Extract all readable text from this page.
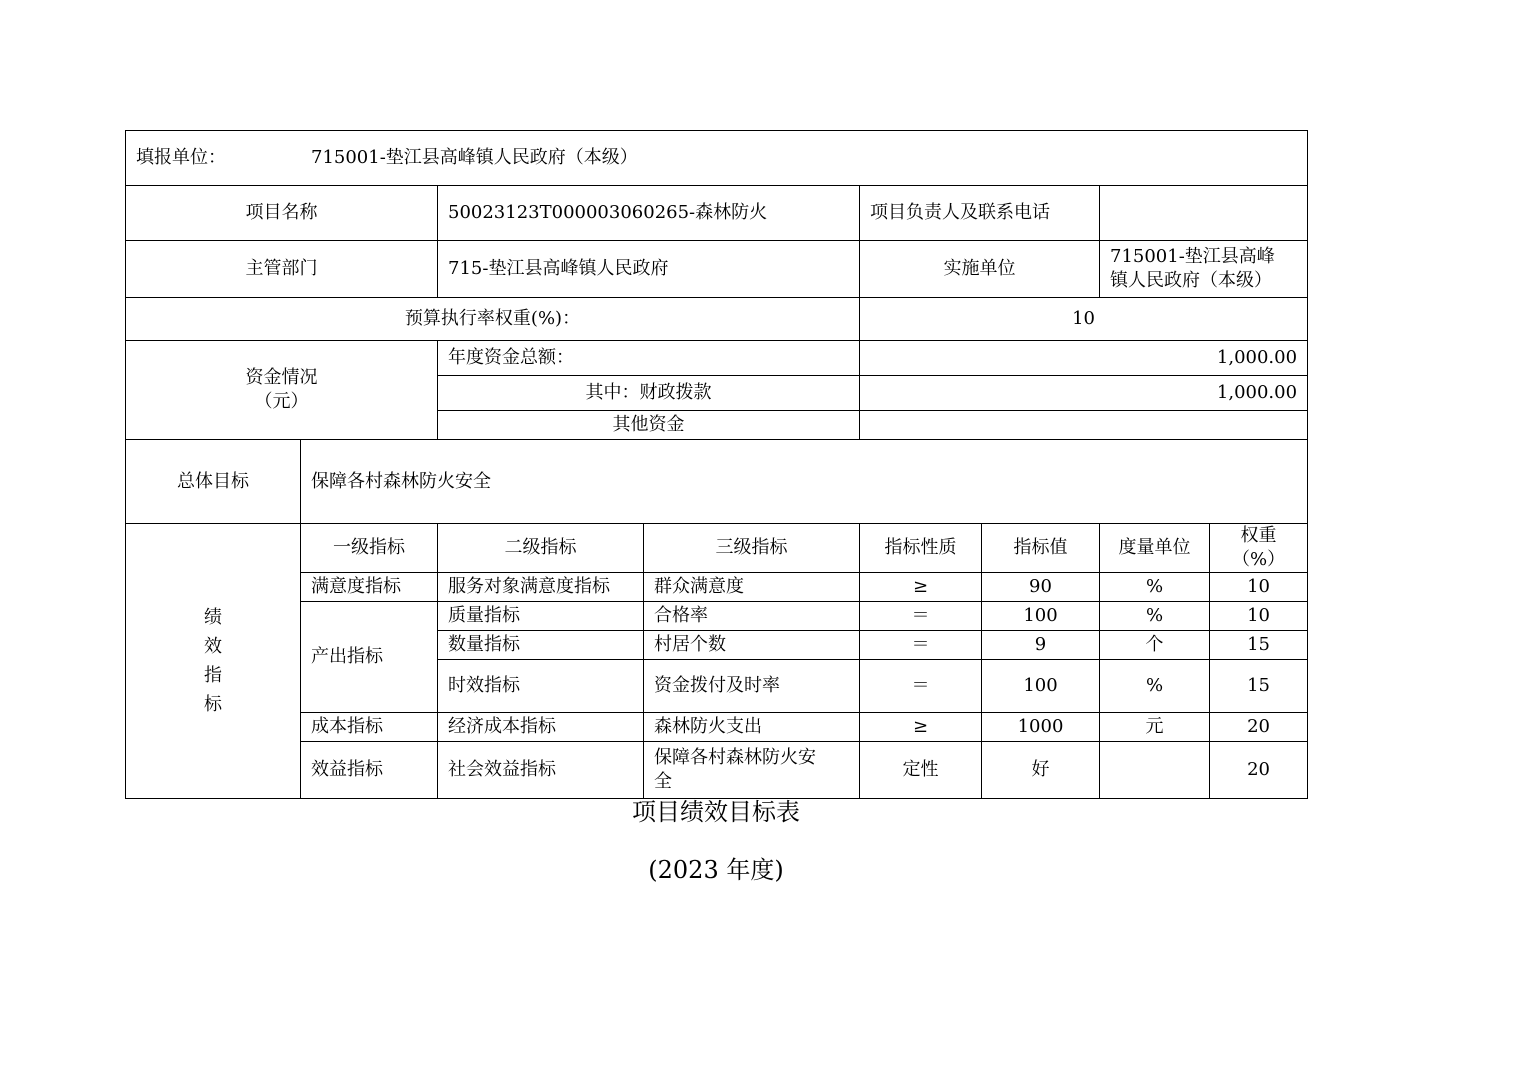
填报单位： 715001-垫江县高峰镇人民政府（本级）							
项目名称		50023123T000003060265-森林防火		项目负责人及联系电话			
主管部门		715-垫江县高峰镇人民政府		实施单位		715001-垫江县高峰
镇人民政府（本级）	
预算执行率权重(%)：				10			
资金情况
（元）		年度资金总额：		1,000.00			
		其中：财政拨款		1,000.00			
		其他资金					
总体目标	保障各村森林防火安全						

绩
效
指
标	一级指标	二级指标	三级指标	指标性质	指标值	度量单位	权重（%）
	满意度指标	服务对象满意度指标	群众满意度	≥	90	%	10
	产出指标	质量指标	合格率	＝	100	%	10
		数量指标	村居个数	＝	9	个	15
		时效指标	资金拨付及时率	＝	100	%	15
	成本指标	经济成本指标	森林防火支出	≥	1000	元	20
	效益指标	社会效益指标	保障各村森林防火安
全	定性	好		20
项目绩效目标表
(2023 年度)
